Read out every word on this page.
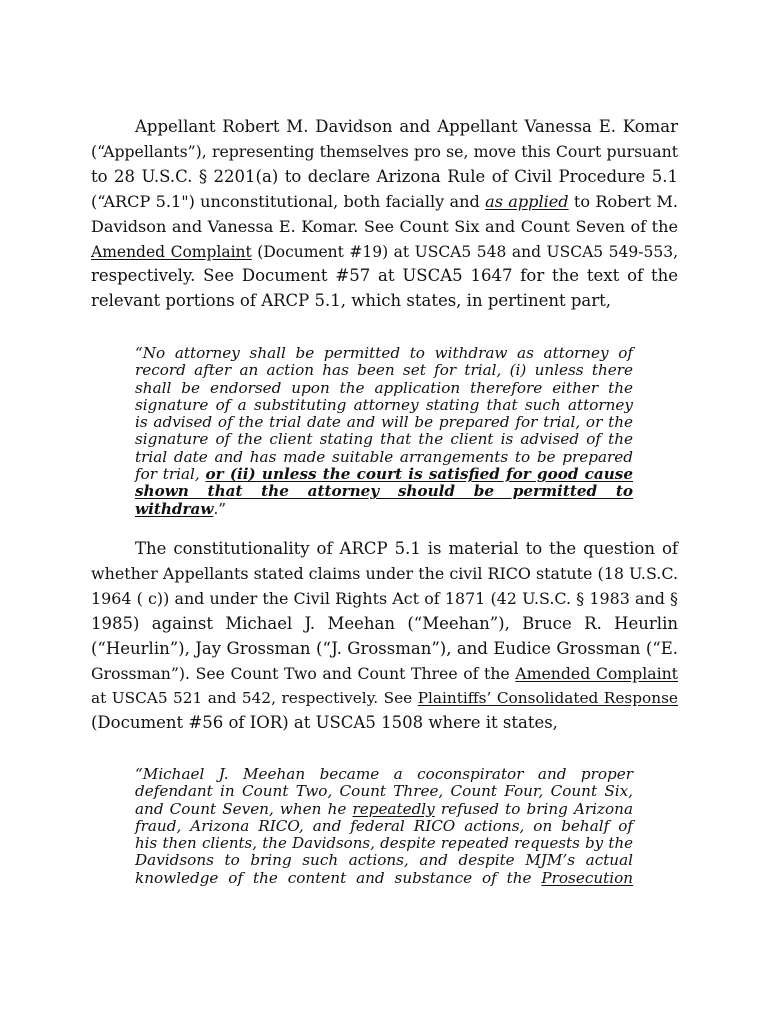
Appellant Robert M. Davidson and Appellant Vanessa E. Komar
(“Appellants”), representing themselves pro se, move this Court pursuant
to 28 U.S.C. § 2201(a) to declare Arizona Rule of Civil Procedure 5.1
(“ARCP 5.1") unconstitutional, both facially and as applied to Robert M.
Davidson and Vanessa E. Komar. See Count Six and Count Seven of the
Amended Complaint (Document #19) at USCA5 548 and USCA5 549-553,
respectively. See Document #57 at USCA5 1647 for the text of the
relevant portions of ARCP 5.1, which states, in pertinent part,

“No attorney shall be permitted to withdraw as attorney of
record after an action has been set for trial, (i) unless there
shall be endorsed upon the application therefore either the
signature of a substituting attorney stating that such attorney
is advised of the trial date and will be prepared for trial, or the
signature of the client stating that the client is advised of the
trial date and has made suitable arrangements to be prepared
for trial, or (ii) unless the court is satisfied for good cause
shown that the attorney should be permitted to
withdraw.”

The constitutionality of ARCP 5.1 is material to the question of
whether Appellants stated claims under the civil RICO statute (18 U.S.C.
1964 ( c)) and under the Civil Rights Act of 1871 (42 U.S.C. § 1983 and §
1985) against Michael J. Meehan (“Meehan”), Bruce R. Heurlin
(“Heurlin”), Jay Grossman (“J. Grossman”), and Eudice Grossman (“E.
Grossman”). See Count Two and Count Three of the Amended Complaint
at USCA5 521 and 542, respectively. See Plaintiffs’ Consolidated Response
(Document #56 of IOR) at USCA5 1508 where it states,

“Michael J. Meehan became a coconspirator and proper
defendant in Count Two, Count Three, Count Four, Count Six,
and Count Seven, when he repeatedly refused to bring Arizona
fraud, Arizona RICO, and federal RICO actions, on behalf of
his then clients, the Davidsons, despite repeated requests by the
Davidsons to bring such actions, and despite MJM’s actual
knowledge of the content and substance of the Prosecution
